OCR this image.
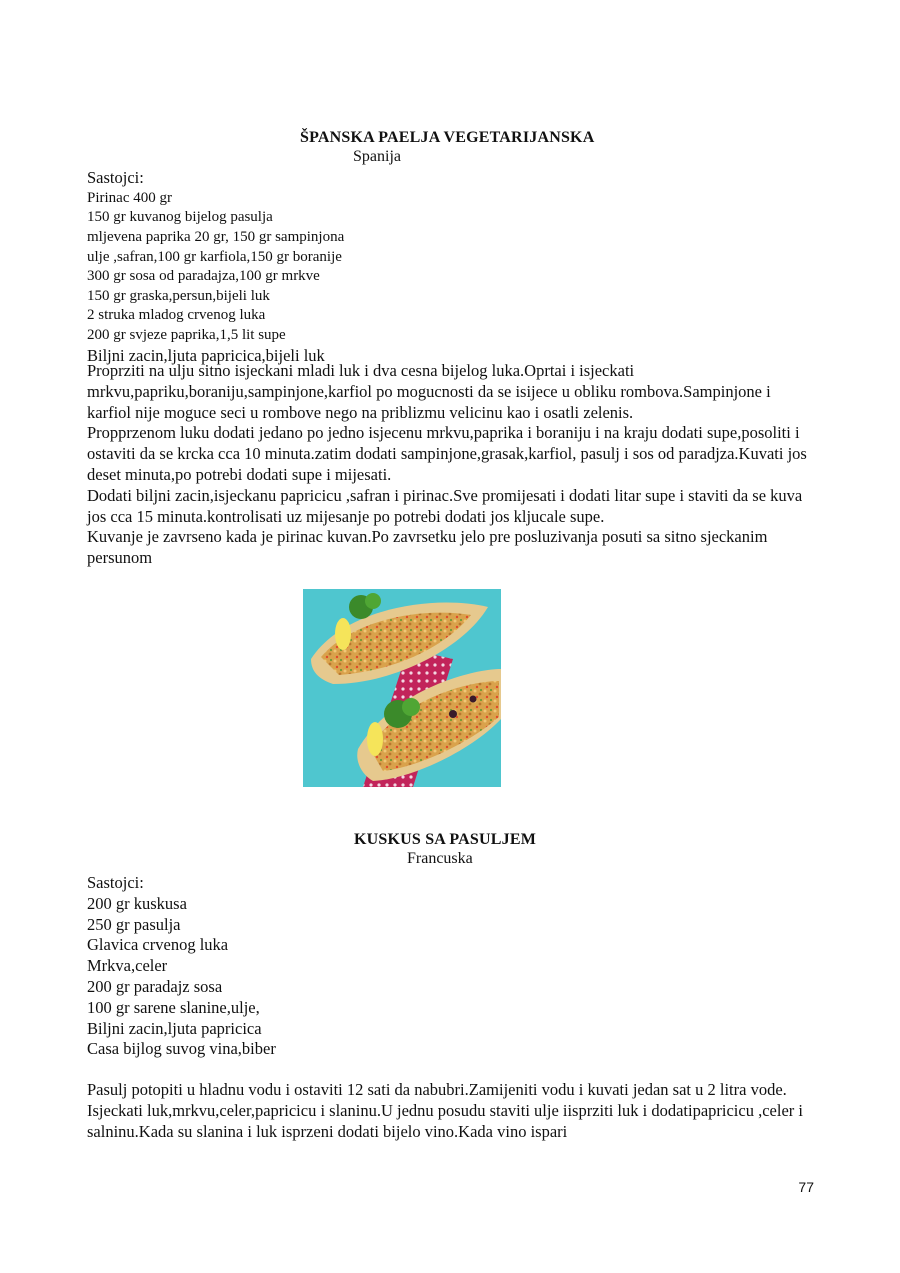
ŠPANSKA PAELJA VEGETARIJANSKA
Spanija
Sastojci:
Pirinac 400 gr
150 gr kuvanog bijelog pasulja
mljevena paprika 20 gr, 150 gr sampinjona
ulje ,safran,100 gr karfiola,150 gr boranije
300 gr sosa od paradajza,100 gr mrkve
150 gr graska,persun,bijeli luk
2 struka mladog crvenog luka
200 gr svjeze paprika,1,5 lit supe
Biljni zacin,ljuta papricica,bijeli luk

Proprziti na ulju sitno isjeckani mladi luk i dva cesna bijelog luka.Oprtai i isjeckati mrkvu,papriku,boraniju,sampinjone,karfiol po mogucnosti da se isijece u obliku rombova.Sampinjone i karfiol nije moguce seci u rombove nego na priblizmu velicinu kao i osatli zelenis.

Propprzenom luku dodati jedano po jedno isjecenu mrkvu,paprika i boraniju i na kraju dodati supe,posoliti i ostaviti da se krcka cca 10 minuta.zatim dodati sampinjone,grasak,karfiol, pasulj i sos od paradjza.Kuvati jos deset minuta,po potrebi dodati supe i mijesati.

Dodati biljni zacin,isjeckanu papricicu ,safran i pirinac.Sve promijesati i dodati litar supe i staviti da se kuva jos cca 15 minuta.kontrolisati uz mijesanje po potrebi dodati jos kljucale supe.

Kuvanje je zavrseno kada je pirinac kuvan.Po zavrsetku jelo pre posluzivanja posuti sa sitno sjeckanim persunom

KUSKUS SA PASULJEM
Francuska
Sastojci:
200 gr kuskusa
250 gr pasulja
Glavica crvenog luka
Mrkva,celer
200 gr paradajz sosa
100 gr sarene slanine,ulje,
Biljni zacin,ljuta papricica
Casa bijlog suvog vina,biber

Pasulj potopiti u hladnu vodu i ostaviti 12 sati da nabubri.Zamijeniti vodu i kuvati jedan sat u 2 litra vode.

Isjeckati luk,mrkvu,celer,papricicu i slaninu.U jednu posudu staviti ulje iisprziti luk i dodatipapricicu ,celer i salninu.Kada su slanina i luk isprzeni dodati bijelo vino.Kada vino ispari

77
